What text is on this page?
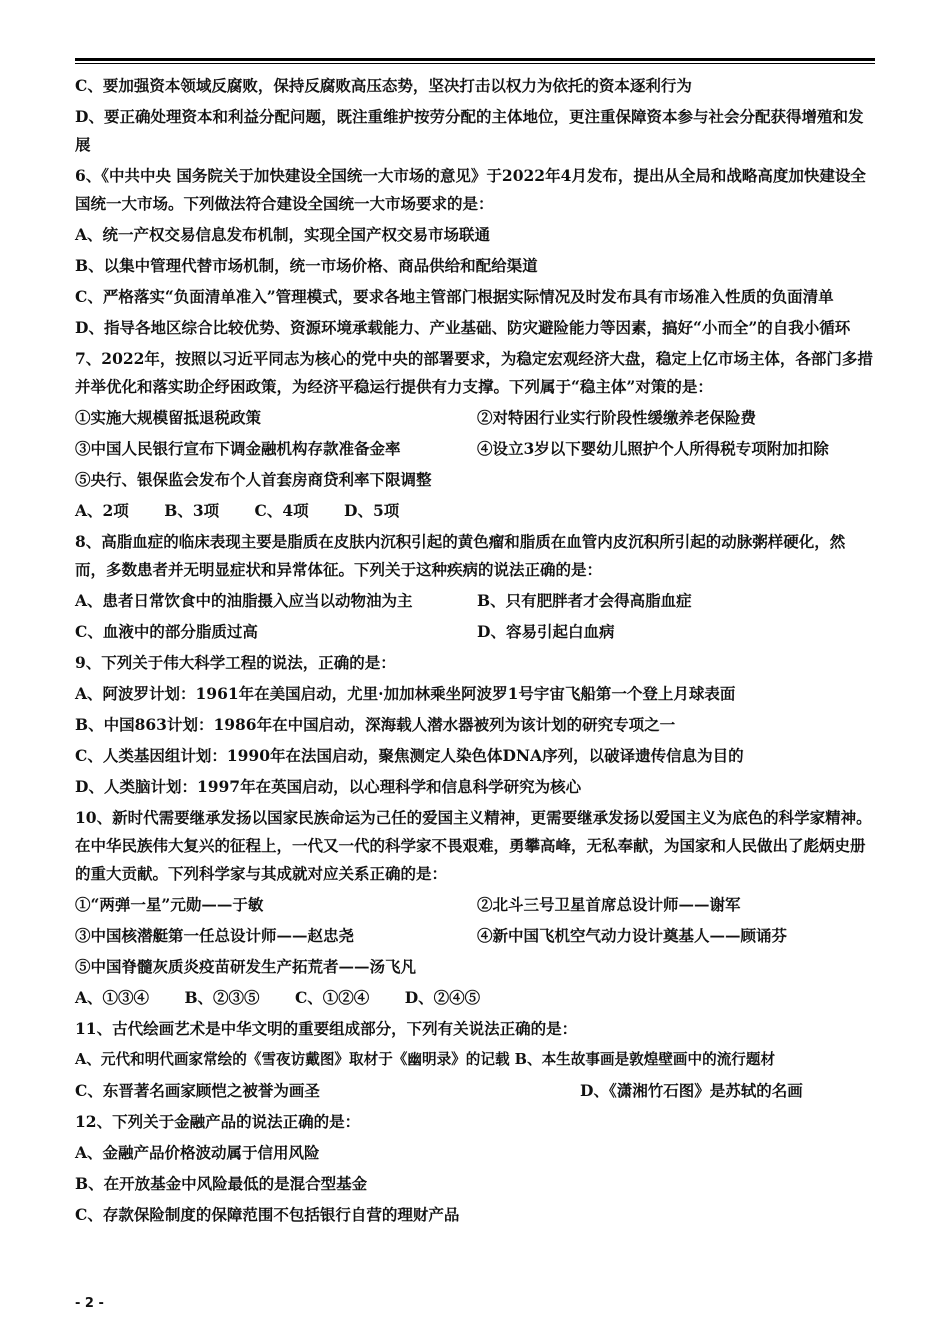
C、要加强资本领域反腐败，保持反腐败高压态势，坚决打击以权力为依托的资本逐利行为
D、要正确处理资本和利益分配问题，既注重维护按劳分配的主体地位，更注重保障资本参与社会分配获得增殖和发展
6、《中共中央 国务院关于加快建设全国统一大市场的意见》于2022年4月发布，提出从全局和战略高度加快建设全国统一大市场。下列做法符合建设全国统一大市场要求的是：
A、统一产权交易信息发布机制，实现全国产权交易市场联通
B、以集中管理代替市场机制，统一市场价格、商品供给和配给渠道
C、严格落实“负面清单准入”管理模式，要求各地主管部门根据实际情况及时发布具有市场准入性质的负面清单
D、指导各地区综合比较优势、资源环境承载能力、产业基础、防灾避险能力等因素，搞好“小而全”的自我小循环
7、2022年，按照以习近平同志为核心的党中央的部署要求，为稳定宏观经济大盘，稳定上亿市场主体，各部门多措并举优化和落实助企纾困政策，为经济平稳运行提供有力支撑。下列属于“稳主体”对策的是：
①实施大规模留抵退税政策	②对特困行业实行阶段性缓缴养老保险费
③中国人民银行宣布下调金融机构存款准备金率	④设立3岁以下婴幼儿照护个人所得税专项附加扣除
⑤央行、银保监会发布个人首套房商贷利率下限调整
A、2项 B、3项 C、4项 D、5项
8、高脂血症的临床表现主要是脂质在皮肤内沉积引起的黄色瘤和脂质在血管内皮沉积所引起的动脉粥样硬化，然而，多数患者并无明显症状和异常体征。下列关于这种疾病的说法正确的是：
A、患者日常饮食中的油脂摄入应当以动物油为主	B、只有肥胖者才会得高脂血症
C、血液中的部分脂质过高	D、容易引起白血病
9、下列关于伟大科学工程的说法，正确的是：
A、阿波罗计划：1961年在美国启动，尤里·加加林乘坐阿波罗1号宇宙飞船第一个登上月球表面
B、中国863计划：1986年在中国启动，深海载人潜水器被列为该计划的研究专项之一
C、人类基因组计划：1990年在法国启动，聚焦测定人染色体DNA序列，以破译遗传信息为目的
D、人类脑计划：1997年在英国启动，以心理科学和信息科学研究为核心
10、新时代需要继承发扬以国家民族命运为己任的爱国主义精神，更需要继承发扬以爱国主义为底色的科学家精神。在中华民族伟大复兴的征程上，一代又一代的科学家不畏艰难，勇攀高峰，无私奉献，为国家和人民做出了彪炳史册的重大贡献。下列科学家与其成就对应关系正确的是：
①“两弹一星”元勋——于敏	②北斗三号卫星首席总设计师——谢军
③中国核潜艇第一任总设计师——赵忠尧	④新中国飞机空气动力设计奠基人——顾诵芬
⑤中国脊髓灰质炎疫苗研发生产拓荒者——汤飞凡
A、①③④ B、②③⑤ C、①②④ D、②④⑤
11、古代绘画艺术是中华文明的重要组成部分，下列有关说法正确的是：
A、元代和明代画家常绘的《雪夜访戴图》取材于《幽明录》的记载 B、本生故事画是敦煌壁画中的流行题材
C、东晋著名画家顾恺之被誉为画圣	D、《潇湘竹石图》是苏轼的名画
12、下列关于金融产品的说法正确的是：
A、金融产品价格波动属于信用风险
B、在开放基金中风险最低的是混合型基金
C、存款保险制度的保障范围不包括银行自营的理财产品
- 2 -
